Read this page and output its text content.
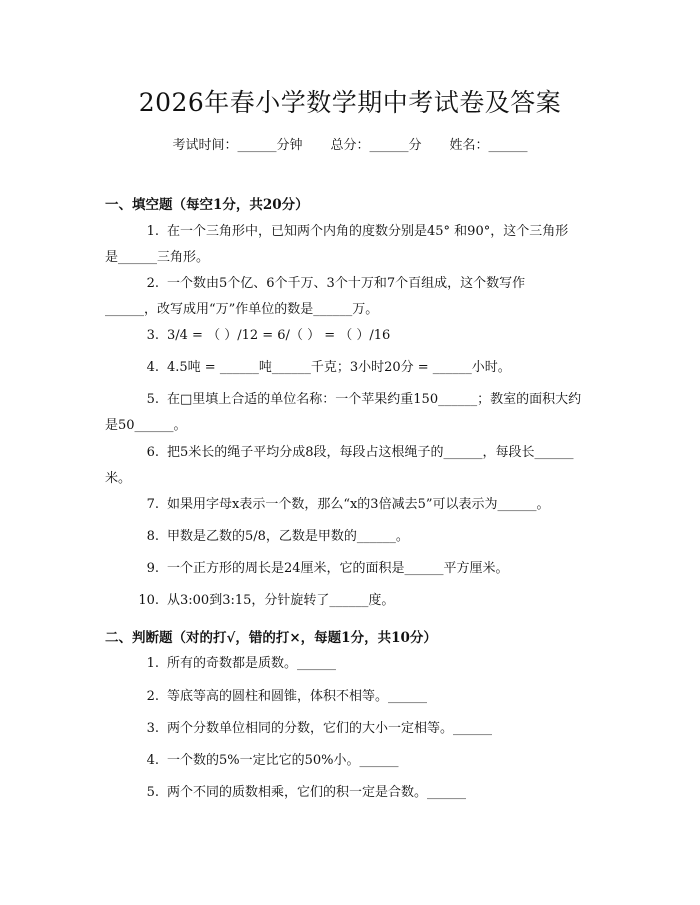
2026年春小学数学期中考试卷及答案
考试时间：______分钟 总分：______分 姓名：______
一、填空题（每空1分，共20分）
1. 在一个三角形中，已知两个内角的度数分别是45° 和90°，这个三角形
是______三角形。
2. 一个数由5个亿、6个千万、3个十万和7个百组成，这个数写作
______，改写成用“万”作单位的数是______万。
3. 3/4 = （ ）/12 = 6/（ ） = （ ）/16
4. 4.5吨 = ______吨______千克；3小时20分 = ______小时。
5. 在□里填上合适的单位名称：一个苹果约重150______；教室的面积大约
是50______。
6. 把5米长的绳子平均分成8段，每段占这根绳子的______，每段长______
米。
7. 如果用字母x表示一个数，那么“x的3倍减去5”可以表示为______。
8. 甲数是乙数的5/8，乙数是甲数的______。
9. 一个正方形的周长是24厘米，它的面积是______平方厘米。
10. 从3:00到3:15，分针旋转了______度。
二、判断题（对的打√，错的打×，每题1分，共10分）
1. 所有的奇数都是质数。______
2. 等底等高的圆柱和圆锥，体积不相等。______
3. 两个分数单位相同的分数，它们的大小一定相等。______
4. 一个数的5%一定比它的50%小。______
5. 两个不同的质数相乘，它们的积一定是合数。______
